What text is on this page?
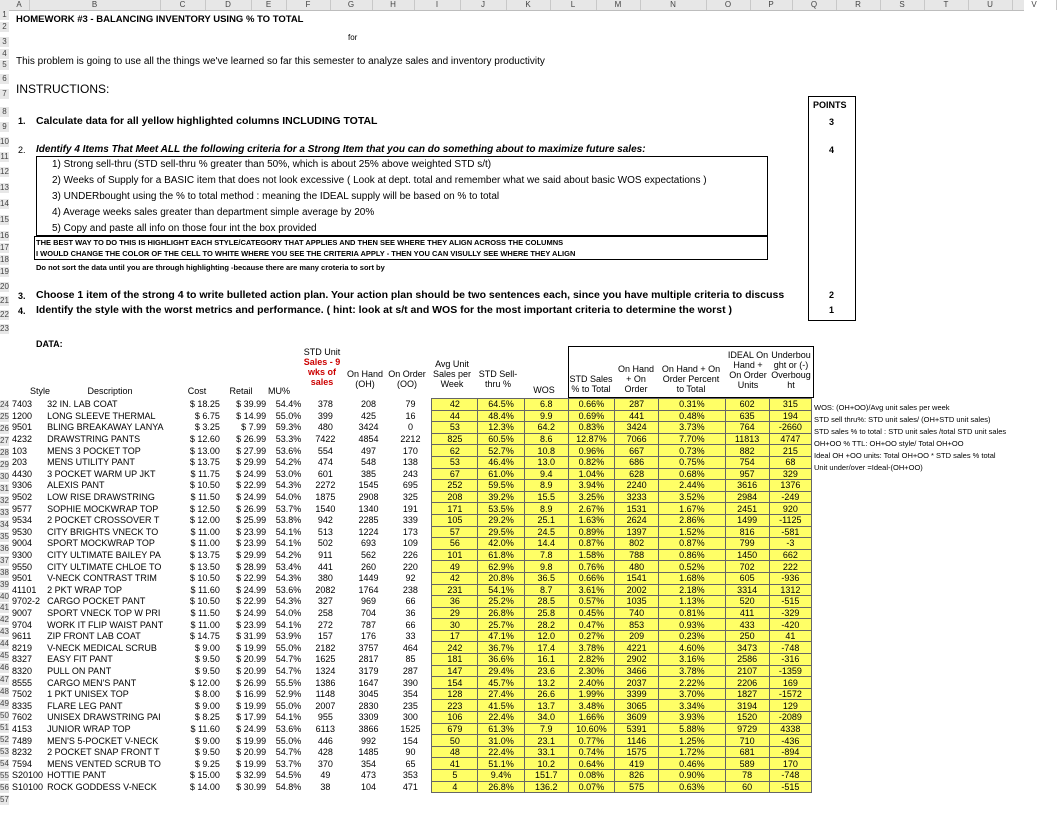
A	B	C	D	E	F	G	H	I	J	K	L	M	N	O	P	Q	R	S	T	U	V
1
2
3
4
5
6
7
8
9
10
11
12
13
14
15
16
17
18
19
20
21
22
23
24
25
26
27
28
29
30
31
32
33
34
35
36
37
38
39
40
41
42
43
44
45
46
47
48
49
50
51
52
53
54
55
56
57
HOMEWORK #3 - BALANCING INVENTORY USING % TO TOTAL
for
This problem is going to use all the things we've learned so far this semester to analyze sales and inventory productivity
INSTRUCTIONS:
POINTS
3
4
2
1
1. Calculate data for all yellow highlighted columns INCLUDING TOTAL
2. Identify 4 Items That Meet ALL the following criteria for a Strong Item that you can do something about to maximize future sales:
1) Strong sell-thru (STD sell-thru % greater than 50%, which is about 25% above weighted STD s/t)
2) Weeks of Supply for a BASIC item that does not look excessive ( Look at dept. total and remember what we said about basic WOS expectations )
3) UNDERbought using the % to total method : meaning the IDEAL supply will be based on % to total
4) Average weeks sales greater than department simple average by 20%
5) Copy and paste all info on those four int the box provided
THE BEST WAY TO DO THIS IS HIGHLIGHT EACH STYLE/CATEGORY THAT APPLIES AND THEN SEE WHERE THEY ALIGN ACROSS THE COLUMNS
I WOULD CHANGE THE COLOR OF THE CELL TO WHITE WHERE YOU SEE THE CRITERIA APPLY - THEN YOU CAN VISULLY SEE WHERE THEY ALIGN
Do not sort the data until you are through highlighting -because there are many croteria to sort by
3. Choose 1 item of the strong 4 to write bulleted action plan. Your action plan should be two sentences each, since you have multiple criteria to discuss
4. Identify the style with the worst metrics and performance. ( hint: look at s/t and WOS for the most important criteria to determine the worst )
DATA:
STD Unit
Sales - 9
wks of
sales
On Hand
(OH)
On Order
(OO)
Avg Unit
Sales per
Week
STD Sell-
thru %
WOS
STD Sales
% to Total
On Hand
+ On
Order
On Hand + On
Order Percent
to Total
IDEAL On
Hand +
On Order
Units
Underbou
ght or (-)
Overboug
ht
Style	Description	Cost	Retail	MU%
7403	32 IN. LAB COAT	$ 18.25	$ 39.99	54.4%	378	208	79	42	64.5%	6.8	0.66%	287	0.31%	602	315
1200	LONG SLEEVE THERMAL	$ 6.75	$ 14.99	55.0%	399	425	16	44	48.4%	9.9	0.69%	441	0.48%	635	194
9501	BLING BREAKAWAY LANYA	$ 3.25	$ 7.99	59.3%	480	3424	0	53	12.3%	64.2	0.83%	3424	3.73%	764	-2660
4232	DRAWSTRING PANTS	$ 12.60	$ 26.99	53.3%	7422	4854	2212	825	60.5%	8.6	12.87%	7066	7.70%	11813	4747
103	MENS 3 POCKET TOP	$ 13.00	$ 27.99	53.6%	554	497	170	62	52.7%	10.8	0.96%	667	0.73%	882	215
203	MENS UTILITY PANT	$ 13.75	$ 29.99	54.2%	474	548	138	53	46.4%	13.0	0.82%	686	0.75%	754	68
4430	3 POCKET WARM UP JKT	$ 11.75	$ 24.99	53.0%	601	385	243	67	61.0%	9.4	1.04%	628	0.68%	957	329
9306	ALEXIS PANT	$ 10.50	$ 22.99	54.3%	2272	1545	695	252	59.5%	8.9	3.94%	2240	2.44%	3616	1376
9502	LOW RISE DRAWSTRING	$ 11.50	$ 24.99	54.0%	1875	2908	325	208	39.2%	15.5	3.25%	3233	3.52%	2984	-249
9577	SOPHIE MOCKWRAP TOP	$ 12.50	$ 26.99	53.7%	1540	1340	191	171	53.5%	8.9	2.67%	1531	1.67%	2451	920
9534	2 POCKET CROSSOVER T	$ 12.00	$ 25.99	53.8%	942	2285	339	105	29.2%	25.1	1.63%	2624	2.86%	1499	-1125
9530	CITY BRIGHTS VNECK TO	$ 11.00	$ 23.99	54.1%	513	1224	173	57	29.5%	24.5	0.89%	1397	1.52%	816	-581
9004	SPORT MOCKWRAP TOP	$ 11.00	$ 23.99	54.1%	502	693	109	56	42.0%	14.4	0.87%	802	0.87%	799	-3
9300	CITY ULTIMATE BAILEY PA	$ 13.75	$ 29.99	54.2%	911	562	226	101	61.8%	7.8	1.58%	788	0.86%	1450	662
9550	CITY ULTIMATE CHLOE TO	$ 13.50	$ 28.99	53.4%	441	260	220	49	62.9%	9.8	0.76%	480	0.52%	702	222
9501	V-NECK CONTRAST TRIM	$ 10.50	$ 22.99	54.3%	380	1449	92	42	20.8%	36.5	0.66%	1541	1.68%	605	-936
41101	2 PKT WRAP TOP	$ 11.60	$ 24.99	53.6%	2082	1764	238	231	54.1%	8.7	3.61%	2002	2.18%	3314	1312
9702-2	CARGO POCKET PANT	$ 10.50	$ 22.99	54.3%	327	969	66	36	25.2%	28.5	0.57%	1035	1.13%	520	-515
9007	SPORT VNECK TOP W PRI	$ 11.50	$ 24.99	54.0%	258	704	36	29	26.8%	25.8	0.45%	740	0.81%	411	-329
9704	WORK IT FLIP WAIST PANT	$ 11.00	$ 23.99	54.1%	272	787	66	30	25.7%	28.2	0.47%	853	0.93%	433	-420
9611	ZIP FRONT LAB COAT	$ 14.75	$ 31.99	53.9%	157	176	33	17	47.1%	12.0	0.27%	209	0.23%	250	41
8219	V-NECK MEDICAL SCRUB	$ 9.00	$ 19.99	55.0%	2182	3757	464	242	36.7%	17.4	3.78%	4221	4.60%	3473	-748
8327	EASY FIT PANT	$ 9.50	$ 20.99	54.7%	1625	2817	85	181	36.6%	16.1	2.82%	2902	3.16%	2586	-316
8320	PULL ON PANT	$ 9.50	$ 20.99	54.7%	1324	3179	287	147	29.4%	23.6	2.30%	3466	3.78%	2107	-1359
8555	CARGO MEN'S PANT	$ 12.00	$ 26.99	55.5%	1386	1647	390	154	45.7%	13.2	2.40%	2037	2.22%	2206	169
7502	1 PKT UNISEX TOP	$ 8.00	$ 16.99	52.9%	1148	3045	354	128	27.4%	26.6	1.99%	3399	3.70%	1827	-1572
8335	FLARE LEG PANT	$ 9.00	$ 19.99	55.0%	2007	2830	235	223	41.5%	13.7	3.48%	3065	3.34%	3194	129
7602	UNISEX DRAWSTRING PAI	$ 8.25	$ 17.99	54.1%	955	3309	300	106	22.4%	34.0	1.66%	3609	3.93%	1520	-2089
4153	JUNIOR WRAP TOP	$ 11.60	$ 24.99	53.6%	6113	3866	1525	679	61.3%	7.9	10.60%	5391	5.88%	9729	4338
7489	MEN'S 5-POCKET V-NECK	$ 9.00	$ 19.99	55.0%	446	992	154	50	31.0%	23.1	0.77%	1146	1.25%	710	-436
8232	2 POCKET SNAP FRONT T	$ 9.50	$ 20.99	54.7%	428	1485	90	48	22.4%	33.1	0.74%	1575	1.72%	681	-894
7594	MENS VENTED SCRUB TO	$ 9.25	$ 19.99	53.7%	370	354	65	41	51.1%	10.2	0.64%	419	0.46%	589	170
S20100	HOTTIE PANT	$ 15.00	$ 32.99	54.5%	49	473	353	5	9.4%	151.7	0.08%	826	0.90%	78	-748
S10100	ROCK GODDESS V-NECK	$ 14.00	$ 30.99	54.8%	38	104	471	4	26.8%	136.2	0.07%	575	0.63%	60	-515
WOS: (OH+OO)/Avg unit sales per week
STD sell thru%: STD unit sales/ (OH+STD unit sales)
STD sales % to total : STD unit sales /total STD unit sales
OH+OO % TTL: OH+OO style/ Total OH+OO
Ideal OH +OO units: Total OH+OO * STD sales % total
Unit under/over =Ideal-(OH+OO)
